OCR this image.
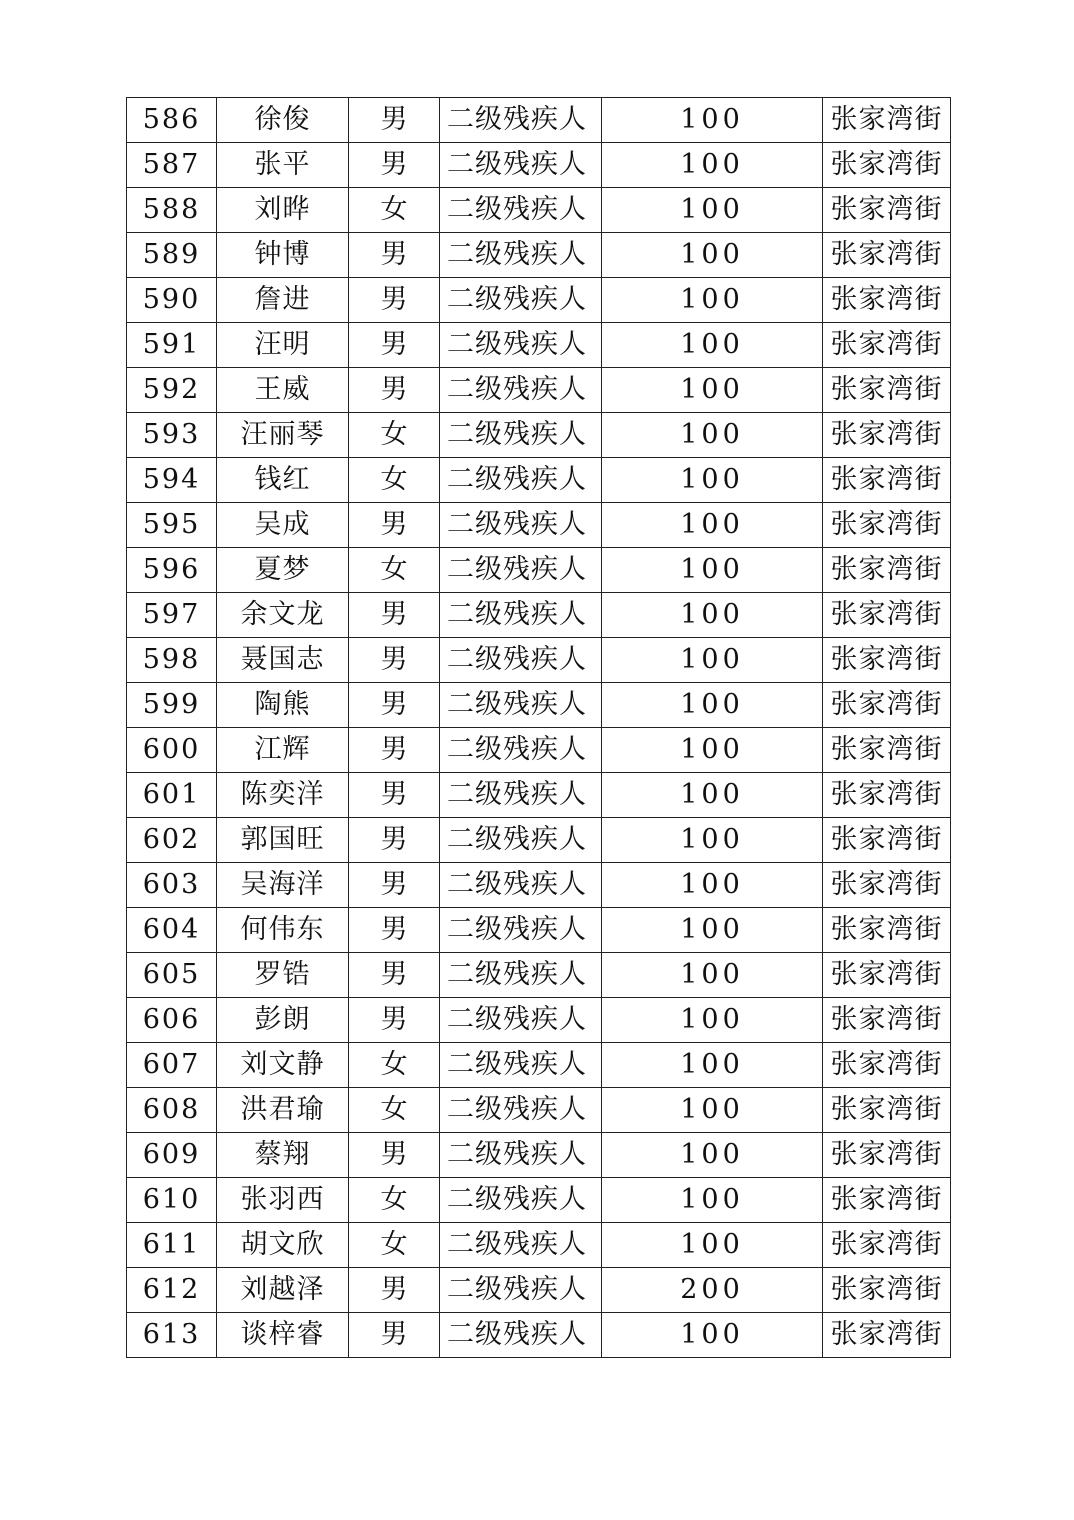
586	徐俊	男	二级残疾人	100	张家湾街
587	张平	男	二级残疾人	100	张家湾街
588	刘晔	女	二级残疾人	100	张家湾街
589	钟博	男	二级残疾人	100	张家湾街
590	詹进	男	二级残疾人	100	张家湾街
591	汪明	男	二级残疾人	100	张家湾街
592	王威	男	二级残疾人	100	张家湾街
593	汪丽琴	女	二级残疾人	100	张家湾街
594	钱红	女	二级残疾人	100	张家湾街
595	吴成	男	二级残疾人	100	张家湾街
596	夏梦	女	二级残疾人	100	张家湾街
597	余文龙	男	二级残疾人	100	张家湾街
598	聂国志	男	二级残疾人	100	张家湾街
599	陶熊	男	二级残疾人	100	张家湾街
600	江辉	男	二级残疾人	100	张家湾街
601	陈奕洋	男	二级残疾人	100	张家湾街
602	郭国旺	男	二级残疾人	100	张家湾街
603	吴海洋	男	二级残疾人	100	张家湾街
604	何伟东	男	二级残疾人	100	张家湾街
605	罗锆	男	二级残疾人	100	张家湾街
606	彭朗	男	二级残疾人	100	张家湾街
607	刘文静	女	二级残疾人	100	张家湾街
608	洪君瑜	女	二级残疾人	100	张家湾街
609	蔡翔	男	二级残疾人	100	张家湾街
610	张羽西	女	二级残疾人	100	张家湾街
611	胡文欣	女	二级残疾人	100	张家湾街
612	刘越泽	男	二级残疾人	200	张家湾街
613	谈梓睿	男	二级残疾人	100	张家湾街
